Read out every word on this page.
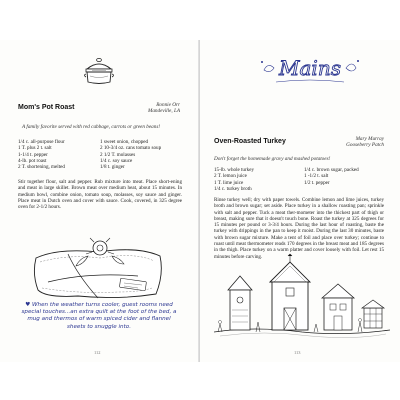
Mom's Pot Roast	Ronnie Orr
Mandeville, LA
A family favorite served with red cabbage, carrots or green beans!
1/4 c. all-purpose flour
1 T. plus 2 t. salt
1-1/4 t. pepper
4-lb. pot roast
2 T. shortening, melted
1 sweet onion, chopped
2 10-3/4 oz. cans tomato soup
2 1/2 T. molasses
1/4 c. soy sauce
1/8 t. ginger
Stir together flour, salt and pepper. Rub mixture into meat. Place short-ening and meat in large skillet. Brown meat over medium heat, about 15 minutes. In medium bowl, combine onion, tomato soup, molasses, soy sauce and ginger. Place meat in Dutch oven and cover with sauce. Cook, covered, in 325 degree oven for 2-1/2 hours.
♥ When the weather turns cooler, guest rooms need special touches...an extra quilt at the foot of the bed, a mug and thermos of warm spiced cider and flannel sheets to snuggle into.
112
Mains
Oven-Roasted Turkey	Mary Murray
Gooseberry Patch
Don't forget the homemade gravy and mashed potatoes!
15-lb. whole turkey
2 T. lemon juice
1 T. lime juice
1/4 c. turkey broth
1/4 c. brown sugar, packed
1 -1/2 t. salt
1/2 t. pepper
Rinse turkey well; dry with paper towels. Combine lemon and lime juices, turkey broth and brown sugar; set aside. Place turkey in a shallow roasting pan; sprinkle with salt and pepper. Tuck a meat ther-mometer into the thickest part of thigh or breast, making sure that it doesn't touch bone. Roast the turkey at 325 degrees for 15 minutes per pound or 3-3/4 hours. During the last hour of roasting, baste the turkey with drippings in the pan to keep it moist. During the last 30 minutes, baste with brown sugar mixture. Make a tent of foil and place over turkey; continue to roast until meat thermometer reads 170 degrees in the breast meat and 185 degrees in the thigh. Place turkey on a warm platter and cover loosely with foil. Let rest 15 minutes before carving.
113
